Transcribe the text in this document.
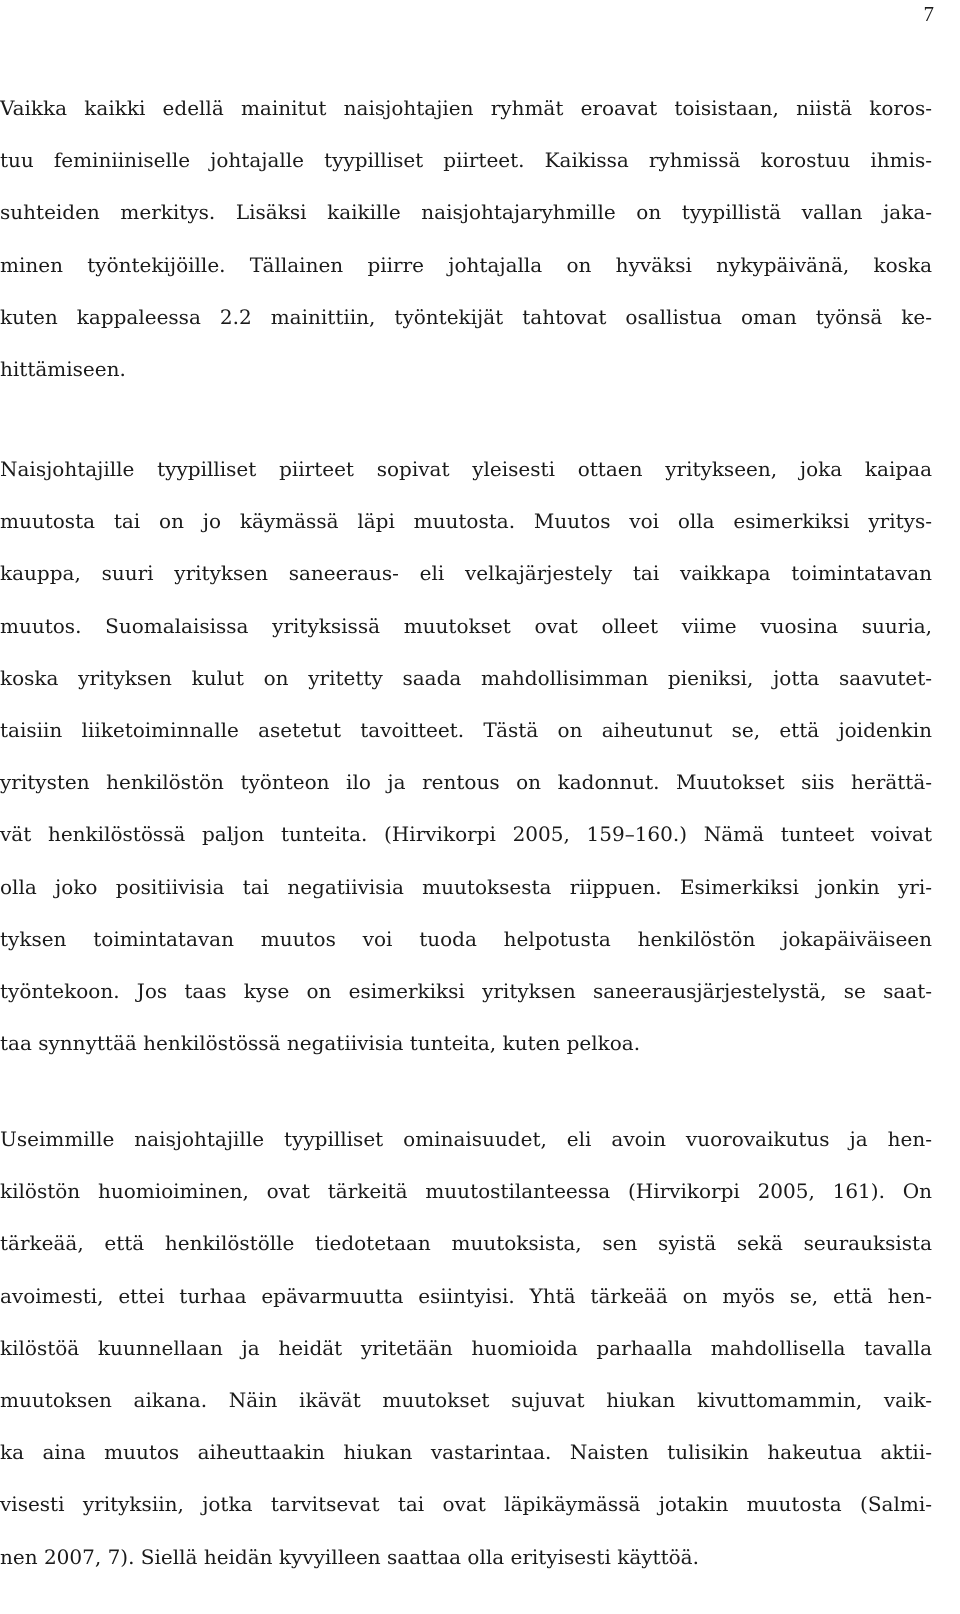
7
Vaikka kaikki edellä mainitut naisjohtajien ryhmät eroavat toisistaan, niistä koros-
tuu feminiiniselle johtajalle tyypilliset piirteet. Kaikissa ryhmissä korostuu ihmis-
suhteiden merkitys. Lisäksi kaikille naisjohtajaryhmille on tyypillistä vallan jaka-
minen työntekijöille. Tällainen piirre johtajalla on hyväksi nykypäivänä, koska
kuten kappaleessa 2.2 mainittiin, työntekijät tahtovat osallistua oman työnsä ke-
hittämiseen.
Naisjohtajille tyypilliset piirteet sopivat yleisesti ottaen yritykseen, joka kaipaa
muutosta tai on jo käymässä läpi muutosta. Muutos voi olla esimerkiksi yritys-
kauppa, suuri yrityksen saneeraus- eli velkajärjestely tai vaikkapa toimintatavan
muutos. Suomalaisissa yrityksissä muutokset ovat olleet viime vuosina suuria,
koska yrityksen kulut on yritetty saada mahdollisimman pieniksi, jotta saavutet-
taisiin liiketoiminnalle asetetut tavoitteet. Tästä on aiheutunut se, että joidenkin
yritysten henkilöstön työnteon ilo ja rentous on kadonnut. Muutokset siis herättä-
vät henkilöstössä paljon tunteita. (Hirvikorpi 2005, 159–160.) Nämä tunteet voivat
olla joko positiivisia tai negatiivisia muutoksesta riippuen. Esimerkiksi jonkin yri-
tyksen toimintatavan muutos voi tuoda helpotusta henkilöstön jokapäiväiseen
työntekoon. Jos taas kyse on esimerkiksi yrityksen saneerausjärjestelystä, se saat-
taa synnyttää henkilöstössä negatiivisia tunteita, kuten pelkoa.
Useimmille naisjohtajille tyypilliset ominaisuudet, eli avoin vuorovaikutus ja hen-
kilöstön huomioiminen, ovat tärkeitä muutostilanteessa (Hirvikorpi 2005, 161). On
tärkeää, että henkilöstölle tiedotetaan muutoksista, sen syistä sekä seurauksista
avoimesti, ettei turhaa epävarmuutta esiintyisi. Yhtä tärkeää on myös se, että hen-
kilöstöä kuunnellaan ja heidät yritetään huomioida parhaalla mahdollisella tavalla
muutoksen aikana. Näin ikävät muutokset sujuvat hiukan kivuttomammin, vaik-
ka aina muutos aiheuttaakin hiukan vastarintaa. Naisten tulisikin hakeutua aktii-
visesti yrityksiin, jotka tarvitsevat tai ovat läpikäymässä jotakin muutosta (Salmi-
nen 2007, 7). Siellä heidän kyvyilleen saattaa olla erityisesti käyttöä.
